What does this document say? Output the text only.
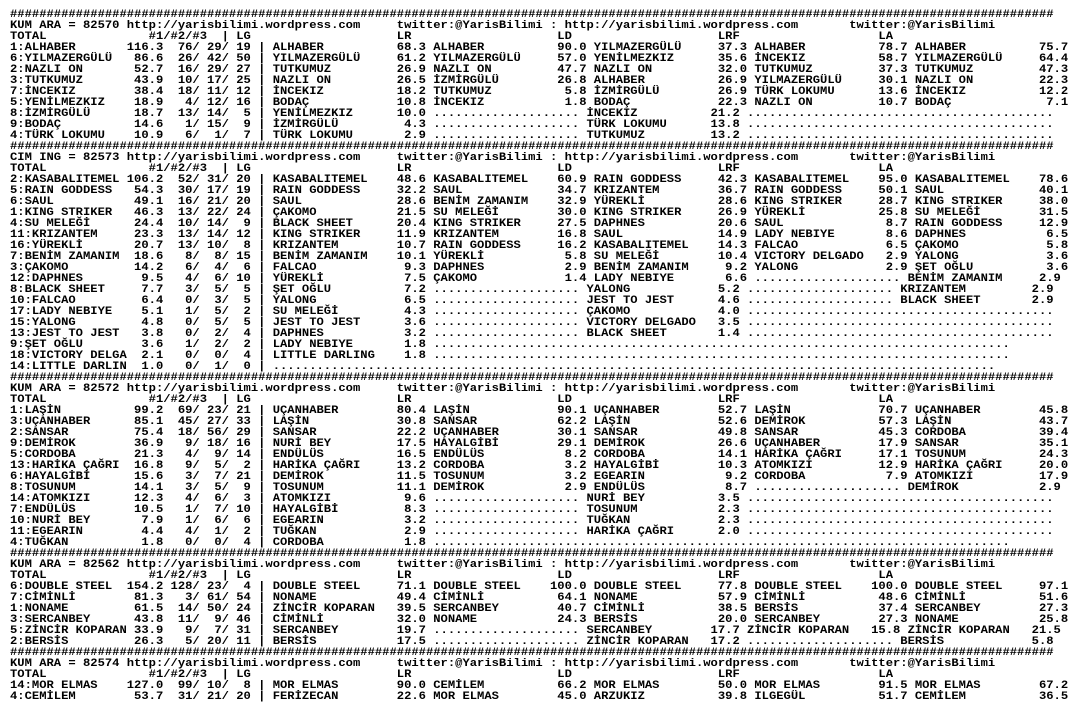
###############################################################################################################################################
KUM ARA = 82570 http://yarisbilimi.wordpress.com     twitter:@YarisBilimi : http://yarisbilimi.wordpress.com       twitter:@YarisBilimi
TOTAL              #1/#2/#3  | LG                    LR                    LD                    LRF                   LA
1:ALHABER       116.3  76/ 29/ 19 | ALHABER          68.3 ALHABER          90.0 YILMAZERGÜLÜ     37.3 ALHABER          78.7 ALHABER          75.7
6:YILMAZERGÜLÜ   86.6  26/ 42/ 50 | YILMAZERGÜLÜ     61.2 YILMAZERGÜLÜ     57.0 YENİLMEZKIZ      35.6 İNCEKIZ          58.7 YILMAZERGÜLÜ     64.4
2:NAZLI ON       52.7  16/ 29/ 27 | TUTKUMUZ         26.9 NAZLI ON         47.7 NAZLI ON         32.0 TUTKUMUZ         37.3 TUTKUMUZ         47.3
3:TUTKUMUZ       43.9  10/ 17/ 25 | NAZLI ON         26.5 İZMİRGÜLÜ        26.8 ALHABER          26.9 YILMAZERGÜLÜ     30.1 NAZLI ON         22.3
7:İNCEKIZ        38.4  18/ 11/ 12 | İNCEKIZ          18.2 TUTKUMUZ          5.8 İZMİRGÜLÜ        26.9 TÜRK LOKUMU      13.6 İNCEKIZ          12.2
5:YENİLMEZKIZ    18.9   4/ 12/ 16 | BODAÇ            10.8 İNCEKIZ           1.8 BODAÇ            22.3 NAZLI ON         10.7 BODAÇ             7.1
8:İZMİRGÜLÜ      18.7  13/ 14/  5 | YENİLMEZKIZ      10.0 .................... İNCEKIZ          21.2 ..........................................
9:BODAÇ          14.6   1/ 15/  9 | İZMİRGÜLÜ         4.3 .................... TÜRK LOKUMU      13.8 ..........................................
4:TÜRK LOKUMU    10.9   6/  1/  7 | TÜRK LOKUMU       2.9 .................... TUTKUMUZ         13.2 ..........................................
###############################################################################################################################################
CIM ING = 82573 http://yarisbilimi.wordpress.com     twitter:@YarisBilimi : http://yarisbilimi.wordpress.com       twitter:@YarisBilimi
TOTAL              #1/#2/#3  | LG                    LR                    LD                    LRF                   LA
2:KASABALITEMEL 106.2  52/ 31/ 20 | KASABALITEMEL    48.6 KASABALITEMEL    60.9 RAIN GODDESS     42.3 KASABALITEMEL    95.0 KASABALITEMEL    78.6
5:RAIN GODDESS   54.3  30/ 17/ 19 | RAIN GODDESS     32.2 SAUL             34.7 KRIZANTEM        36.7 RAIN GODDESS     50.1 SAUL             40.1
6:SAUL           49.1  16/ 21/ 20 | SAUL             28.6 BENİM ZAMANIM    32.9 YÜREKLİ          28.6 KING STRIKER     28.7 KING STRIKER     38.0
1:KING STRIKER   46.3  13/ 22/ 24 | ÇAKOMO           21.5 SU MELEĞİ        30.0 KING STRIKER     26.9 YÜREKLİ          25.8 SU MELEĞİ        31.5
4:SU MELEĞİ      24.4  10/ 14/  9 | BLACK SHEET      20.4 KING STRIKER     27.5 DAPHNES          20.6 SAUL              8.7 RAIN GODDESS     12.9
11:KRIZANTEM     23.3  13/ 14/ 12 | KING STRIKER     11.9 KRIZANTEM        16.8 SAUL             14.9 LADY NEBIYE       8.6 DAPHNES           6.5
16:YÜREKLİ       20.7  13/ 10/  8 | KRIZANTEM        10.7 RAIN GODDESS     16.2 KASABALITEMEL    14.3 FALCAO            6.5 ÇAKOMO            5.8
7:BENİM ZAMANIM  18.6   8/  8/ 15 | BENİM ZAMANIM    10.1 YÜREKLİ           5.8 SU MELEĞİ        10.4 VICTORY DELGADO   2.9 YALONG            3.6
3:ÇAKOMO         14.2   6/  4/  6 | FALCAO            9.3 DAPHNES           2.9 BENİM ZAMANIM     9.2 YALONG            2.9 ŞET OĞLU          3.6
12:DAPHNES        9.5   4/  6/ 10 | YÜREKLİ           7.5 ÇAKOMO            1.4 LADY NEBIYE       6.6 .................... BENİM ZAMANIM     2.9
8:BLACK SHEET     7.7   3/  5/  5 | ŞET OĞLU          7.2 .................... YALONG            5.2 .................... KRIZANTEM         2.9
10:FALCAO         6.4   0/  3/  5 | YALONG            6.5 .................... JEST TO JEST      4.6 .................... BLACK SHEET       2.9
17:LADY NEBIYE    5.1   1/  5/  2 | SU MELEĞİ         4.3 .................... ÇAKOMO            4.0 ..........................................
15:YALONG         4.8   0/  5/  5 | JEST TO JEST      3.6 .................... VICTORY DELGADO   3.5 ..........................................
13:JEST TO JEST   3.8   0/  2/  4 | DAPHNES           3.2 .................... BLACK SHEET       1.4 ..........................................
9:ŞET OĞLU        3.6   1/  2/  2 | LADY NEBIYE       1.8 ...............................................................................
18:VICTORY DELGA  2.1   0/  0/  4 | LITTLE DARLING    1.8 ...............................................................................
14:LITTLE DARLIN  1.0   0/  1/  0 | ...................................................................................................
###############################################################################################################################################
KUM ARA = 82572 http://yarisbilimi.wordpress.com     twitter:@YarisBilimi : http://yarisbilimi.wordpress.com       twitter:@YarisBilimi
TOTAL              #1/#2/#3  | LG                    LR                    LD                    LRF                   LA
1:LAŞİN          99.2  69/ 23/ 21 | UÇANHABER        80.4 LAŞİN            90.1 UÇANHABER        52.7 LAŞİN            70.7 UÇANHABER        45.8
3:UÇANHABER      85.1  45/ 27/ 33 | LAŞİN            30.8 SANSAR           62.2 LAŞİN            52.6 DEMİROK          57.3 LAŞİN            43.7
2:SANSAR         75.4  18/ 56/ 29 | SANSAR           22.2 UÇANHABER        30.1 SANSAR           49.8 SANSAR           45.3 CORDOBA          39.4
9:DEMİROK        36.9   9/ 18/ 16 | NURİ BEY         17.5 HAYALGİBİ        29.1 DEMİROK          26.6 UÇANHABER        17.9 SANSAR           35.1
5:CORDOBA        21.3   4/  9/ 14 | ENDÜLÜS          16.5 ENDÜLÜS           8.2 CORDOBA          14.1 HARİKA ÇAĞRI     17.1 TOSUNUM          24.3
13:HARİKA ÇAĞRI  16.8   9/  5/  2 | HARİKA ÇAĞRI     13.2 CORDOBA           3.2 HAYALGİBİ        10.3 ATOMKIZI         12.9 HARİKA ÇAĞRI     20.0
6:HAYALGİBİ      15.6   3/  7/ 21 | DEMİROK          11.5 TOSUNUM           3.2 EGEARIN           9.2 CORDOBA           7.9 ATOMKIZI         17.9
8:TOSUNUM        14.1   3/  5/  9 | TOSUNUM          11.1 DEMİROK           2.9 ENDÜLÜS           8.7 .................... DEMİROK           2.9
14:ATOMKIZI      12.3   4/  6/  3 | ATOMKIZI          9.6 .................... NURİ BEY          3.5 ..........................................
7:ENDÜLÜS        10.5   1/  7/ 10 | HAYALGİBİ         8.3 .................... TOSUNUM           2.3 ..........................................
10:NURİ BEY       7.9   1/  6/  6 | EGEARIN           3.2 .................... TUĞKAN            2.3 ..........................................
11:EGEARIN        4.4   4/  1/  2 | TUĞKAN            2.9 .................... HARİKA ÇAĞRI      2.0 ..........................................
4:TUĞKAN          1.8   0/  0/  4 | CORDOBA           1.8 ...............................................................................
###############################################################################################################################################
KUM ARA = 82562 http://yarisbilimi.wordpress.com     twitter:@YarisBilimi : http://yarisbilimi.wordpress.com       twitter:@YarisBilimi
TOTAL              #1/#2/#3  | LG                    LR                    LD                    LRF                   LA
6:DOUBLE STEEL  154.2 128/ 23/  4 | DOUBLE STEEL     71.1 DOUBLE STEEL    100.0 DOUBLE STEEL     77.8 DOUBLE STEEL    100.0 DOUBLE STEEL     97.1
7:CİMİNLİ        81.3   3/ 61/ 54 | NONAME           49.4 CİMİNLİ          64.1 NONAME           57.9 CİMİNLİ          48.6 CİMİNLİ          51.6
1:NONAME         61.5  14/ 50/ 24 | ZİNCİR KOPARAN   39.5 SERCANBEY        40.7 CİMİNLİ          38.5 BERSİS           37.4 SERCANBEY        27.3
3:SERCANBEY      43.8  11/  9/ 46 | CİMİNLİ          32.0 NONAME           24.3 BERSİS           20.0 SERCANBEY        27.3 NONAME           25.8
5:ZİNCİR KOPARAN 33.9   9/  7/ 31 | SERCANBEY        19.7 .................... SERCANBEY        17.7 ZİNCİR KOPARAN   15.8 ZİNCİR KOPARAN   21.5
2:BERSİS         26.3   5/ 20/ 11 | BERSİS           17.5 .................... ZİNCİR KOPARAN   17.2 .................... BERSİS            5.8
###############################################################################################################################################
KUM ARA = 82574 http://yarisbilimi.wordpress.com     twitter:@YarisBilimi : http://yarisbilimi.wordpress.com       twitter:@YarisBilimi
TOTAL              #1/#2/#3  | LG                    LR                    LD                    LRF                   LA
14:MOR ELMAS    127.0  99/ 10/  8 | MOR ELMAS        90.0 CEMİLEM          66.2 MOR ELMAS        50.0 MOR ELMAS        91.5 MOR ELMAS        67.2
4:CEMİLEM        53.7  31/ 21/ 20 | FERİZECAN        22.6 MOR ELMAS        45.0 ARZUKIZ          39.8 ILGEGÜL          51.7 CEMİLEM          36.5
